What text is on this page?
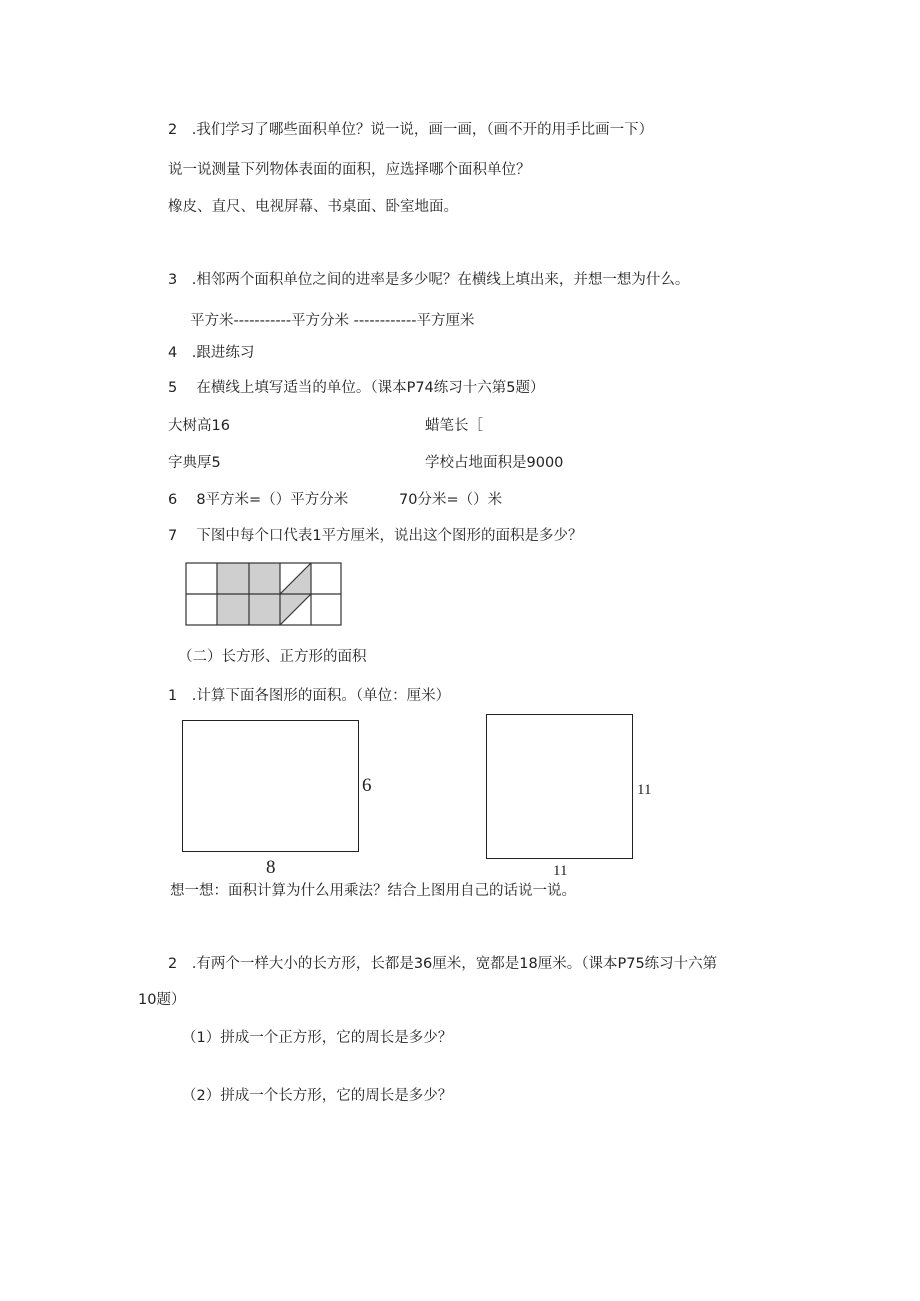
2　.我们学习了哪些面积单位？说一说，画一画，（画不开的用手比画一下）
说一说测量下列物体表面的面积，应选择哪个面积单位？
橡皮、直尺、电视屏幕、书桌面、卧室地面。
3　.相邻两个面积单位之间的进率是多少呢？在横线上填出来，并想一想为什么。
平方米-----------平方分米 ------------平方厘米
4　.跟进练习
5　 在横线上填写适当的单位。（课本P74练习十六第5题）
大树高16	蜡笔长［
字典厚5	学校占地面积是9000
6　 8平方米=（）平方分米	70分米=（）米
7　 下图中每个口代表1平方厘米，说出这个图形的面积是多少？
（二）长方形、正方形的面积
1　.计算下面各图形的面积。（单位：厘米）
6
8
11
11
想一想：面积计算为什么用乘法？结合上图用自己的话说一说。
2　.有两个一样大小的长方形，长都是36厘米，宽都是18厘米。（课本P75练习十六第
10题）
（1）拼成一个正方形，它的周长是多少？
（2）拼成一个长方形，它的周长是多少？
